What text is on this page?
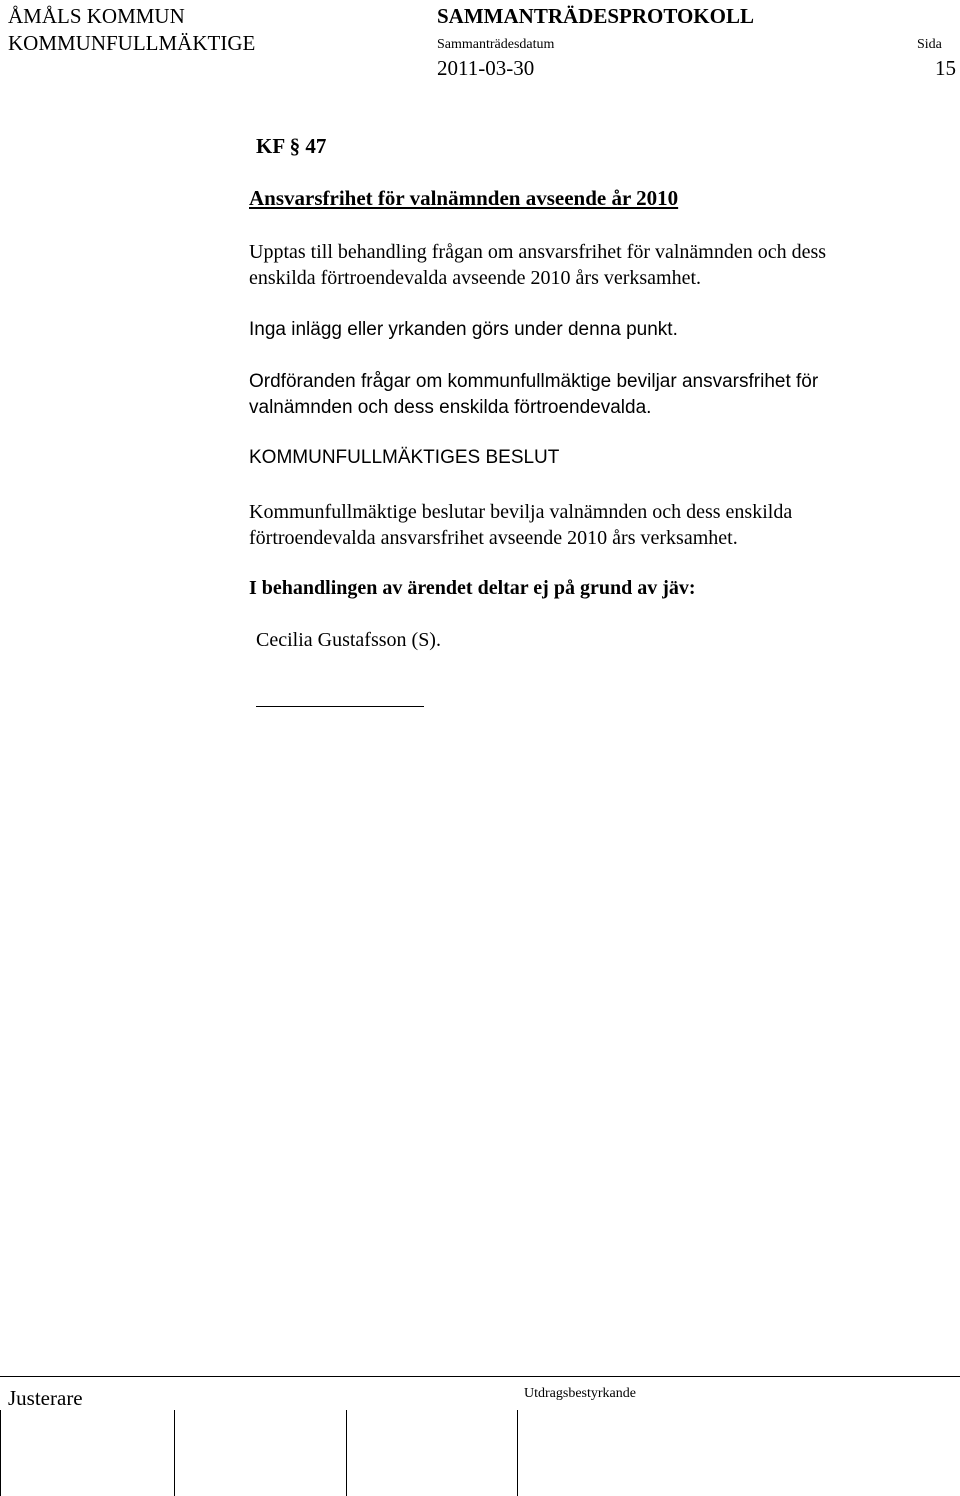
ÅMÅLS KOMMUN
KOMMUNFULLMÄKTIGE
SAMMANTRÄDESPROTOKOLL
Sammanträdesdatum	Sida
2011-03-30	15
KF § 47
Ansvarsfrihet för valnämnden avseende år 2010
Upptas till behandling frågan om ansvarsfrihet för valnämnden och dess
enskilda förtroendevalda avseende 2010 års verksamhet.
Inga inlägg eller yrkanden görs under denna punkt.
Ordföranden frågar om kommunfullmäktige beviljar ansvarsfrihet för
valnämnden och dess enskilda förtroendevalda.
KOMMUNFULLMÄKTIGES BESLUT
Kommunfullmäktige beslutar bevilja valnämnden och dess enskilda
förtroendevalda ansvarsfrihet avseende 2010 års verksamhet.
I behandlingen av ärendet deltar ej på grund av jäv:
Cecilia Gustafsson (S).
Justerare	Utdragsbestyrkande
